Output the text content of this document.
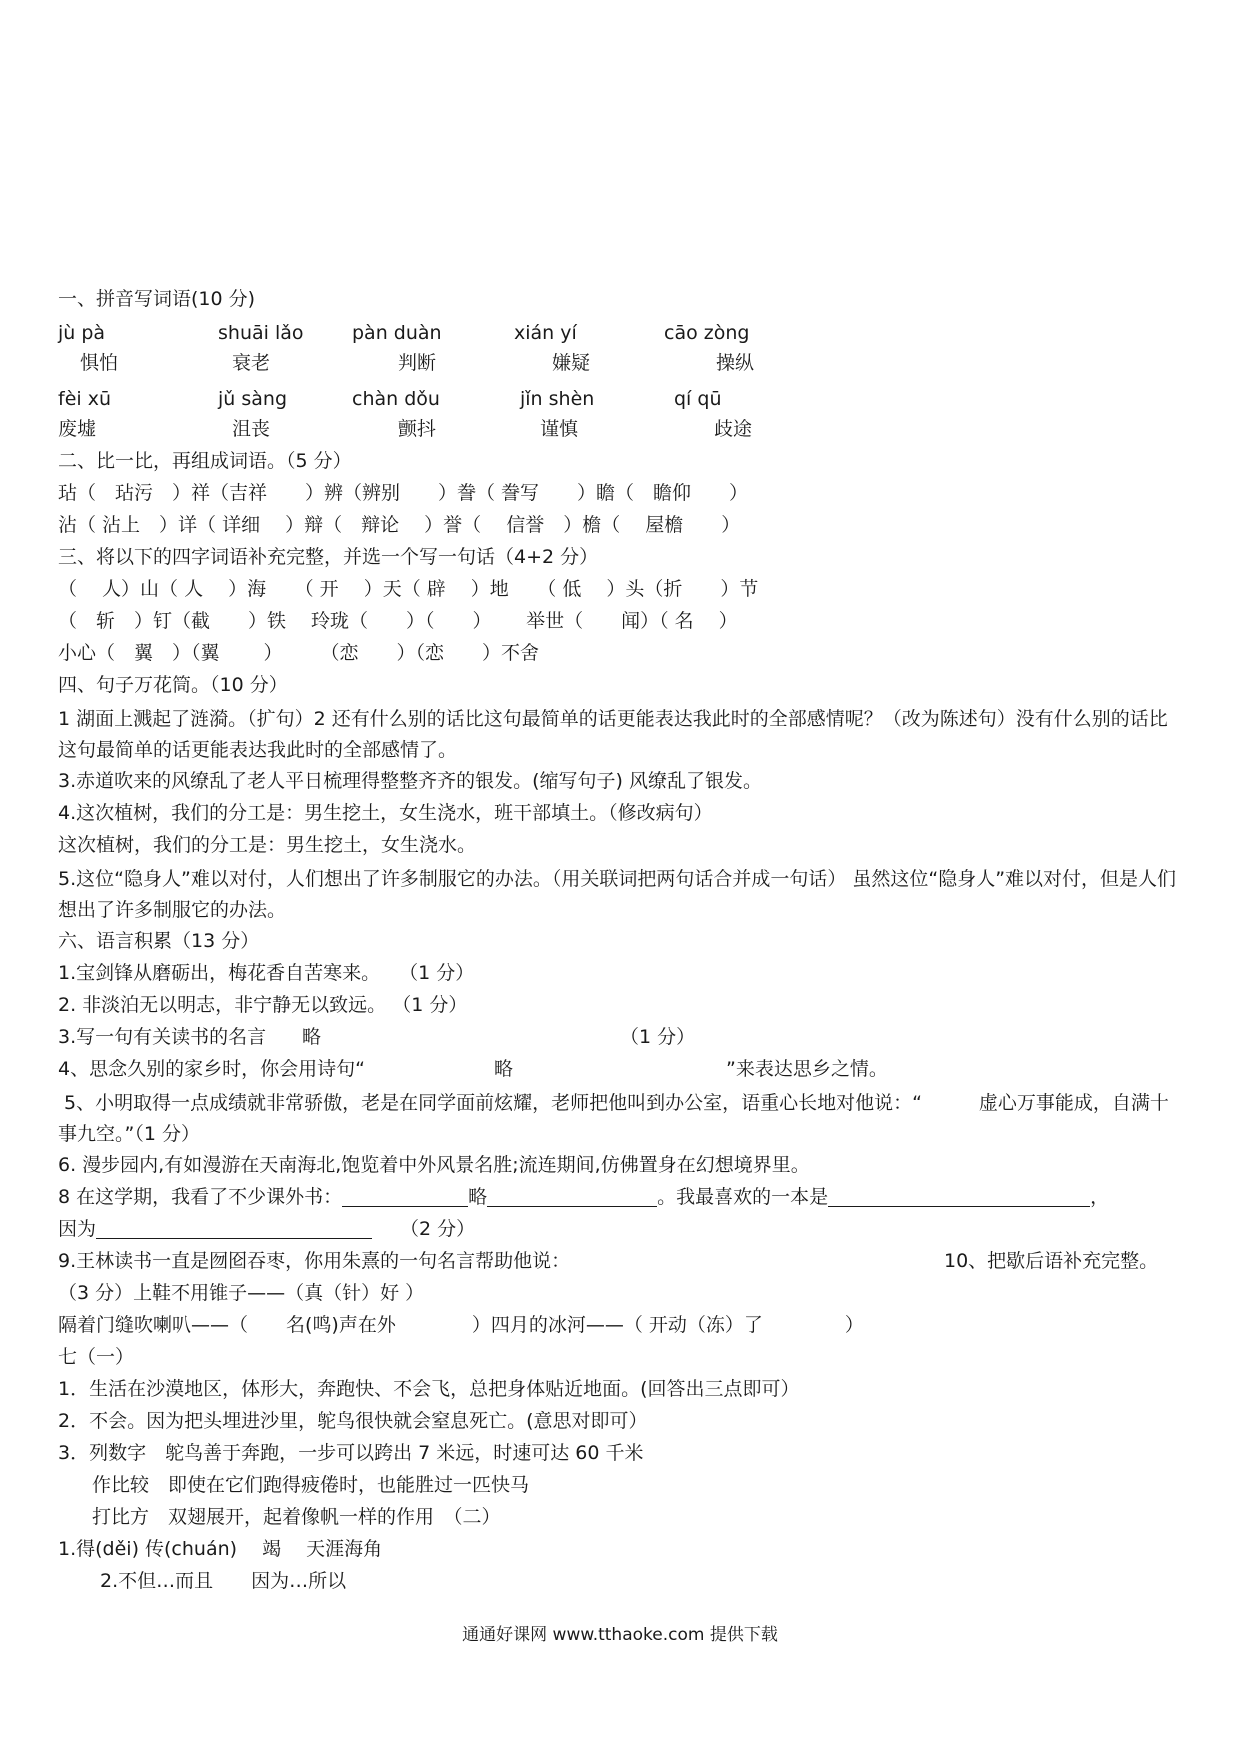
一、拼音写词语(10 分)
jù pà	shuāi lǎo	pàn duàn	xián yí	cāo zòng
惧怕	衰老	判断	嫌疑	操纵
fèi xū	jǔ sàng	chàn dǒu	jǐn shèn	qí qū
废墟	沮丧	颤抖	谨慎	歧途
二、比一比，再组成词语。（5 分）
玷（　玷污　）祥（吉祥　　）辨（辨别　　）誊（ 誊写　　）瞻（　瞻仰　　）
沾（ 沾上　）详（ 详细　 ）辩（　辩论　 ）誉（　 信誉　）檐（　 屋檐　　）
三、将以下的四字词语补充完整，并选一个写一句话（4+2 分）
（　 人）山（ 人　 ）海　　（ 开　 ）天（ 辟　 ）地　　（ 低　 ）头（折　　）节
（　斩　）钉（截　　）铁　 玲珑（　　）（　　）　　 举世（　　闻）（ 名　 ）
小心（　翼　）（翼　　 ）　　　（恋　　）（恋　　）不舍
四、句子万花筒。（10 分）
1 湖面上溅起了涟漪。（扩句）2 还有什么别的话比这句最简单的话更能表达我此时的全部感情呢？（改为陈述句）没有什么别的话比这句最简单的话更能表达我此时的全部感情了。
3.赤道吹来的风缭乱了老人平日梳理得整整齐齐的银发。(缩写句子) 风缭乱了银发。
4.这次植树，我们的分工是：男生挖土，女生浇水，班干部填土。（修改病句）
这次植树，我们的分工是：男生挖土，女生浇水。
5.这位“隐身人”难以对付，人们想出了许多制服它的办法。（用关联词把两句话合并成一句话） 虽然这位“隐身人”难以对付，但是人们想出了许多制服它的办法。
六、语言积累（13 分）
1.宝剑锋从磨砺出，梅花香自苦寒来。　　（1 分）
2. 非淡泊无以明志，非宁静无以致远。 （1 分）
3.写一句有关读书的名言 略	（1 分）
4、思念久别的家乡时，你会用诗句“	略	”来表达思乡之情。
5、小明取得一点成绩就非常骄傲，老是在同学面前炫耀，老师把他叫到办公室，语重心长地对他说：“　　　虚心万事能成，自满十事九空。”（1 分）
6. 漫步园内,有如漫游在天南海北,饱览着中外风景名胜;流连期间,仿佛置身在幻想境界里。
8 在这学期，我看了不少课外书：	略	。我最喜欢的一本是	，
因为	（2 分）
9.王林读书一直是囫囵吞枣，你用朱熹的一句名言帮助他说：	10、把歇后语补充完整。
（3 分）上鞋不用锥子——（真（针）好 ）
隔着门缝吹喇叭——（　　名(鸣)声在外　　　　）四月的冰河——（ 开动（冻）了　　　　 ）
七（一）
1．生活在沙漠地区，体形大，奔跑快、不会飞，总把身体贴近地面。(回答出三点即可）
2．不会。因为把头埋进沙里，鸵鸟很快就会窒息死亡。(意思对即可）
3．列数字　鸵鸟善于奔跑，一步可以跨出 7 米远，时速可达 60 千米
作比较　即使在它们跑得疲倦时，也能胜过一匹快马
打比方　双翅展开，起着像帆一样的作用　（二）
1.得(děi) 传(chuán)　 竭　 天涯海角
2.不但…而且　　因为…所以
通通好课网 www.tthaoke.com 提供下载
